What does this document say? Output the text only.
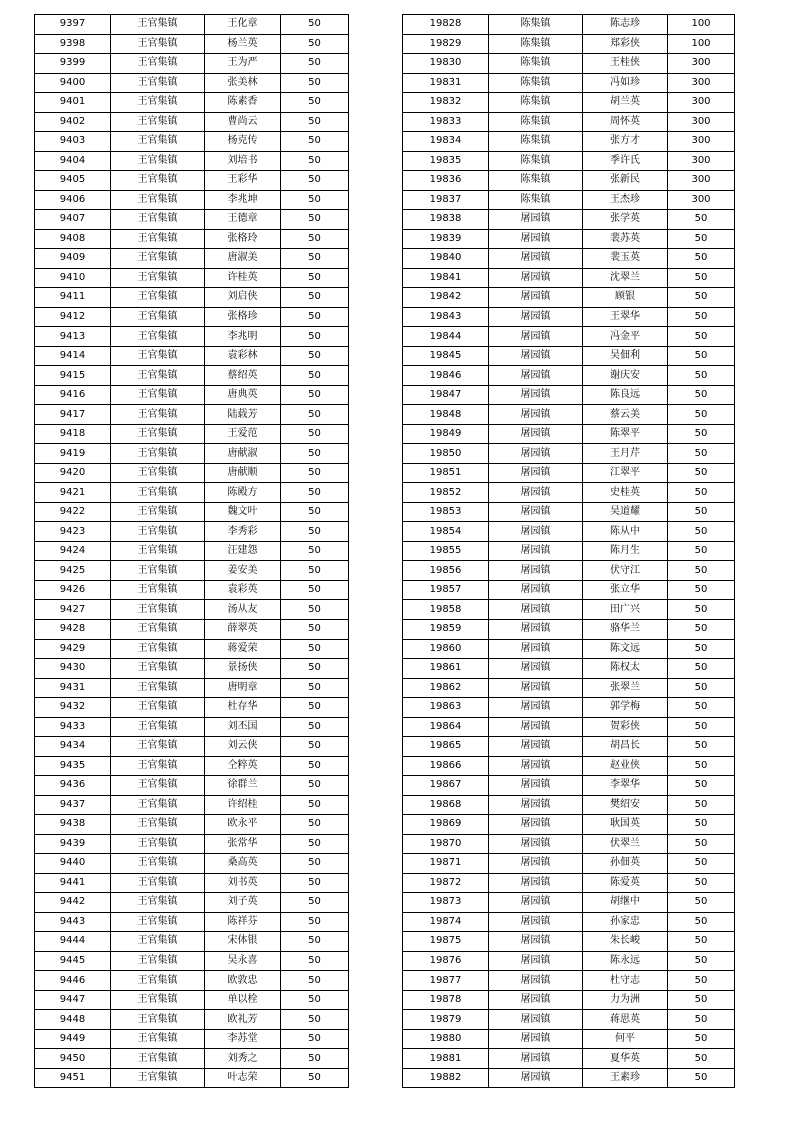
9397	王官集镇	王化章	50
9398	王官集镇	杨兰英	50
9399	王官集镇	王为严	50
9400	王官集镇	张美林	50
9401	王官集镇	陈素香	50
9402	王官集镇	曹尚云	50
9403	王官集镇	杨克传	50
9404	王官集镇	刘培书	50
9405	王官集镇	王彩华	50
9406	王官集镇	李兆坤	50
9407	王官集镇	王德章	50
9408	王官集镇	张格玲	50
9409	王官集镇	唐淑美	50
9410	王官集镇	许桂英	50
9411	王官集镇	刘启侠	50
9412	王官集镇	张格珍	50
9413	王官集镇	李兆明	50
9414	王官集镇	袁彩林	50
9415	王官集镇	蔡绍英	50
9416	王官集镇	唐典英	50
9417	王官集镇	陆载芳	50
9418	王官集镇	王爱范	50
9419	王官集镇	唐献淑	50
9420	王官集镇	唐献顺	50
9421	王官集镇	陈殿方	50
9422	王官集镇	魏文叶	50
9423	王官集镇	李秀彩	50
9424	王官集镇	汪建怨	50
9425	王官集镇	姜安美	50
9426	王官集镇	袁彩英	50
9427	王官集镇	汤从友	50
9428	王官集镇	薛翠英	50
9429	王官集镇	蒋爱荣	50
9430	王官集镇	景扬侠	50
9431	王官集镇	唐明章	50
9432	王官集镇	杜存华	50
9433	王官集镇	刘丕国	50
9434	王官集镇	刘云侠	50
9435	王官集镇	仝粹英	50
9436	王官集镇	徐群兰	50
9437	王官集镇	许绍桂	50
9438	王官集镇	欧永平	50
9439	王官集镇	张常华	50
9440	王官集镇	桑高英	50
9441	王官集镇	刘书英	50
9442	王官集镇	刘子英	50
9443	王官集镇	陈祥芬	50
9444	王官集镇	宋体银	50
9445	王官集镇	吴永喜	50
9446	王官集镇	欧敦忠	50
9447	王官集镇	单以栓	50
9448	王官集镇	欧礼芳	50
9449	王官集镇	李苏堂	50
9450	王官集镇	刘秀之	50
9451	王官集镇	叶志荣	50
19828	陈集镇	陈志珍	100
19829	陈集镇	郑彩侠	100
19830	陈集镇	王桂侠	300
19831	陈集镇	冯如珍	300
19832	陈集镇	胡兰英	300
19833	陈集镇	周怀英	300
19834	陈集镇	张方才	300
19835	陈集镇	季许氏	300
19836	陈集镇	张新民	300
19837	陈集镇	王杰珍	300
19838	屠园镇	张学英	50
19839	屠园镇	裴苏英	50
19840	屠园镇	裴玉英	50
19841	屠园镇	沈翠兰	50
19842	屠园镇	顾银	50
19843	屠园镇	王翠华	50
19844	屠园镇	冯金平	50
19845	屠园镇	吴佃利	50
19846	屠园镇	谢庆安	50
19847	屠园镇	陈良远	50
19848	屠园镇	蔡云美	50
19849	屠园镇	陈翠平	50
19850	屠园镇	王月芹	50
19851	屠园镇	江翠平	50
19852	屠园镇	史桂英	50
19853	屠园镇	吴道耀	50
19854	屠园镇	陈从中	50
19855	屠园镇	陈月生	50
19856	屠园镇	伏守江	50
19857	屠园镇	张立华	50
19858	屠园镇	田广兴	50
19859	屠园镇	骆华兰	50
19860	屠园镇	陈文远	50
19861	屠园镇	陈权太	50
19862	屠园镇	张翠兰	50
19863	屠园镇	郭学梅	50
19864	屠园镇	贺彩侠	50
19865	屠园镇	胡昌长	50
19866	屠园镇	赵业侠	50
19867	屠园镇	李翠华	50
19868	屠园镇	樊绍安	50
19869	屠园镇	耿国英	50
19870	屠园镇	伏翠兰	50
19871	屠园镇	孙佃英	50
19872	屠园镇	陈爱英	50
19873	屠园镇	胡继中	50
19874	屠园镇	孙家忠	50
19875	屠园镇	朱长峻	50
19876	屠园镇	陈永远	50
19877	屠园镇	杜守志	50
19878	屠园镇	力为洲	50
19879	屠园镇	蒋思英	50
19880	屠园镇	何平	50
19881	屠园镇	夏华英	50
19882	屠园镇	王素珍	50
